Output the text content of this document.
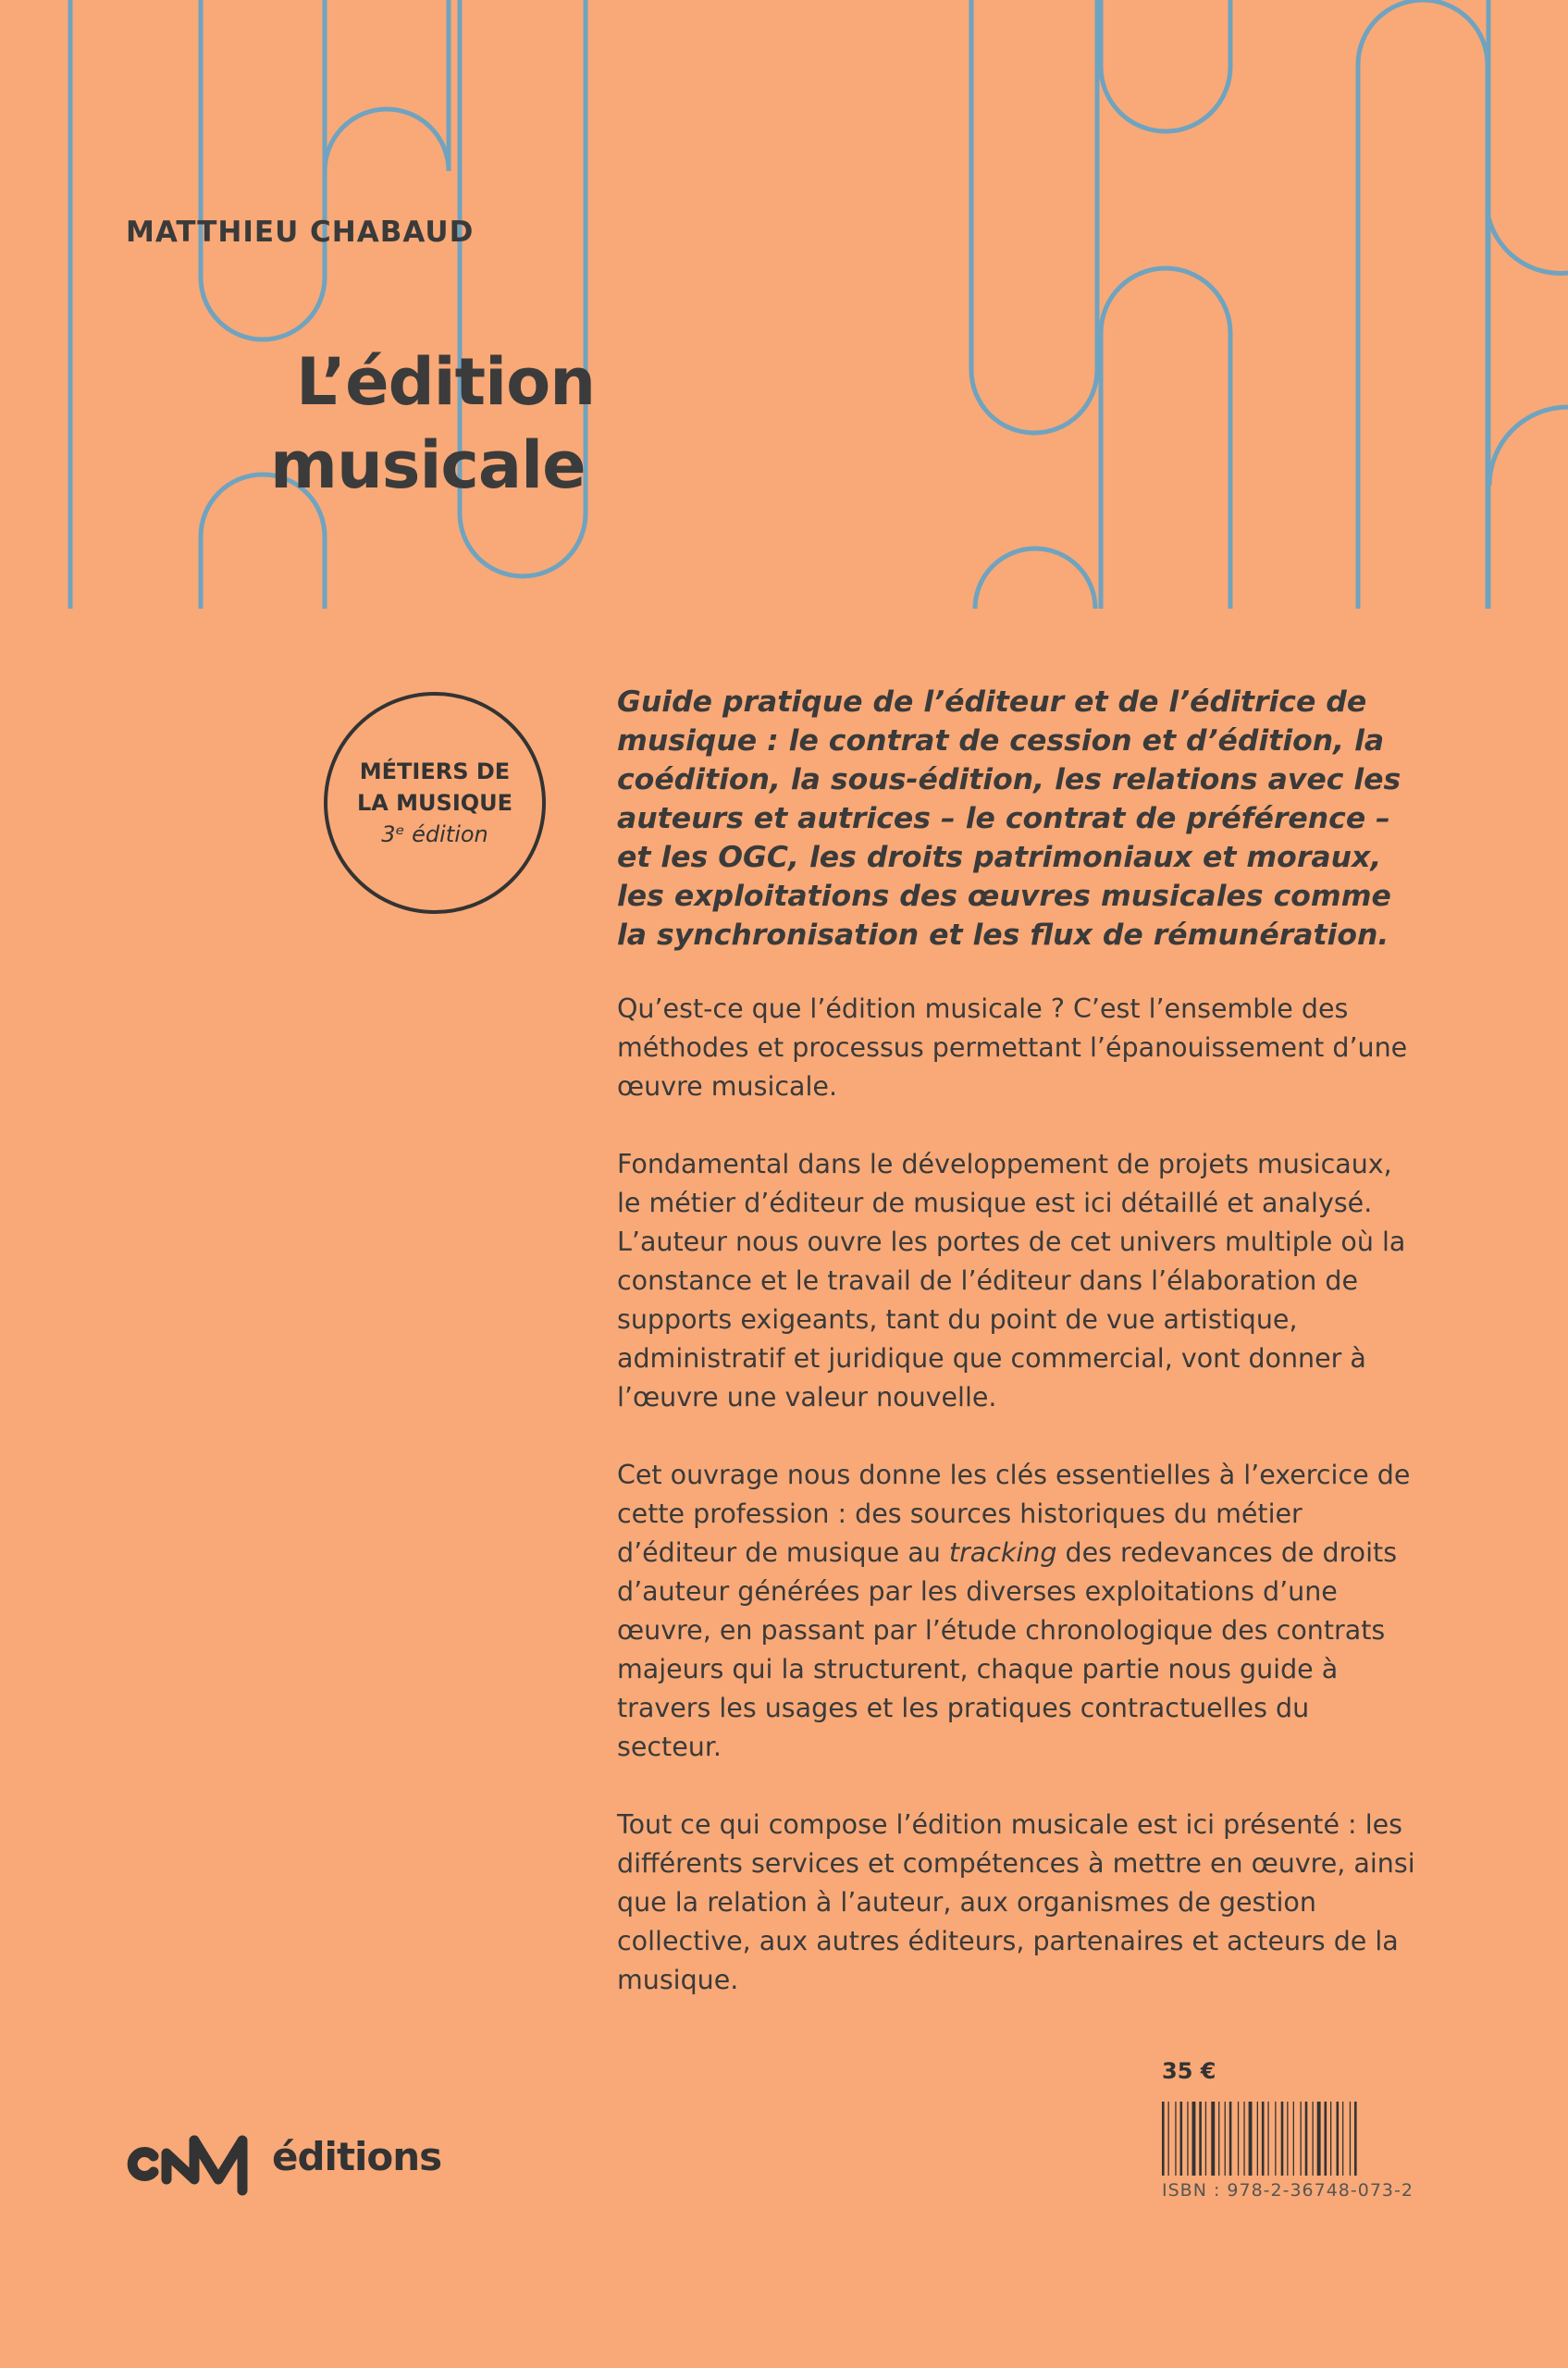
MATTHIEU CHABAUD
L’édition
musicale
MÉTIERS DE
LA MUSIQUE
3ᵉ édition

Guide pratique de l’éditeur et de l’éditrice de musique : le contrat de cession et d’édition, la coédition, la sous-édition, les relations avec les auteurs et autrices – le contrat de préférence – et les OGC, les droits patrimoniaux et moraux, les exploitations des œuvres musicales comme la synchronisation et les flux de rémunération.

Qu’est-ce que l’édition musicale ? C’est l’ensemble des méthodes et processus permettant l’épanouissement d’une œuvre musicale.

Fondamental dans le développement de projets musicaux, le métier d’éditeur de musique est ici détaillé et analysé. L’auteur nous ouvre les portes de cet univers multiple où la constance et le travail de l’éditeur dans l’élaboration de supports exigeants, tant du point de vue artistique, administratif et juridique que commercial, vont donner à l’œuvre une valeur nouvelle.

Cet ouvrage nous donne les clés essentielles à l’exercice de cette profession : des sources historiques du métier d’éditeur de musique au tracking des redevances de droits d’auteur générées par les diverses exploitations d’une œuvre, en passant par l’étude chronologique des contrats majeurs qui la structurent, chaque partie nous guide à travers les usages et les pratiques contractuelles du secteur.

Tout ce qui compose l’édition musicale est ici présenté : les différents services et compétences à mettre en œuvre, ainsi que la relation à l’auteur, aux organismes de gestion collective, aux autres éditeurs, partenaires et acteurs de la musique.

éditions
35 €
ISBN : 978-2-36748-073-2
